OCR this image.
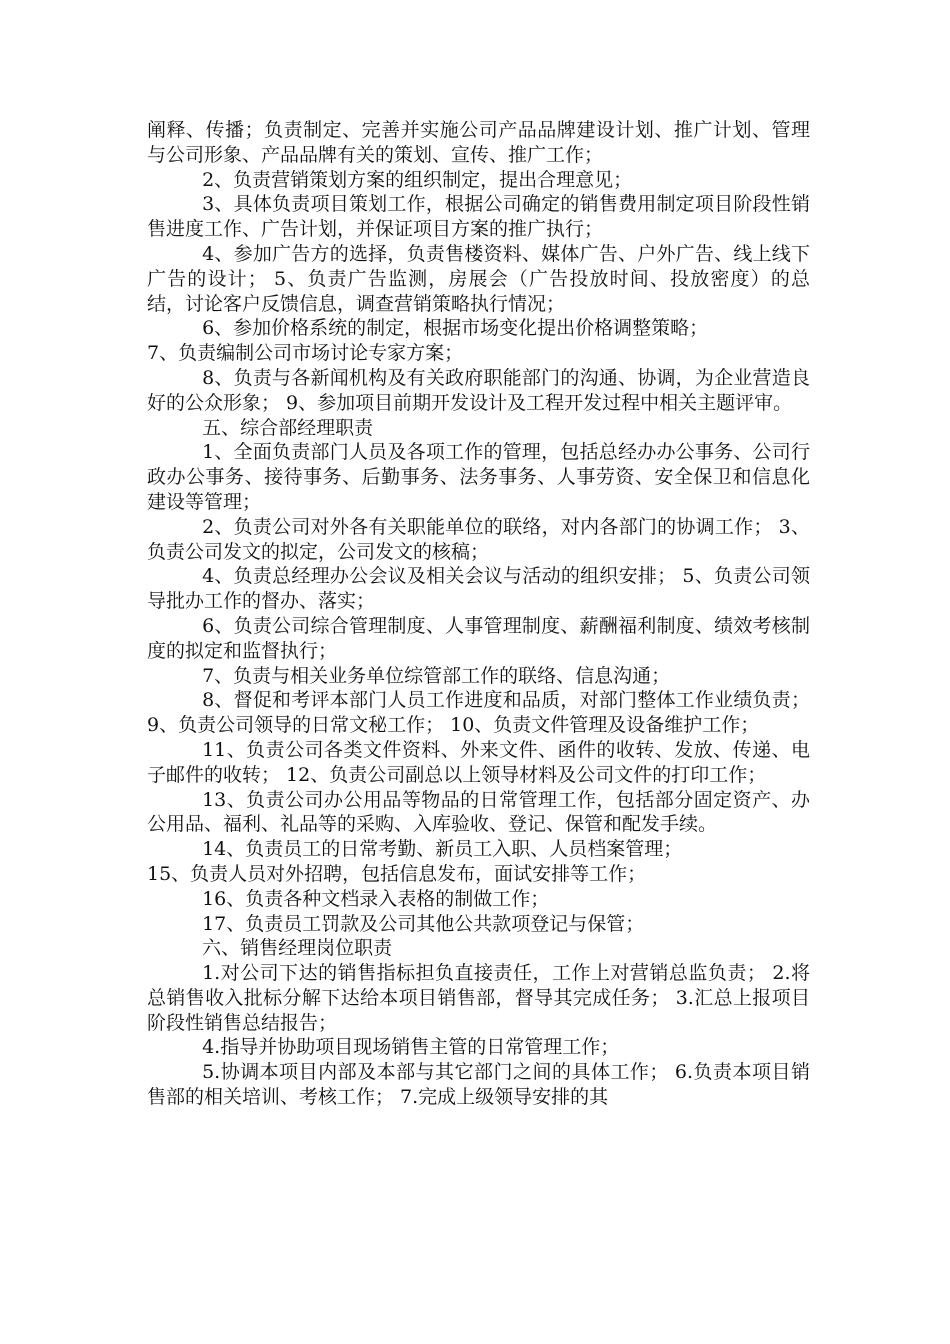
阐释、传播；负责制定、完善并实施公司产品品牌建设计划、推广计划、管理与公司形象、产品品牌有关的策划、宣传、推广工作；

2、负责营销策划方案的组织制定，提出合理意见；

3、具体负责项目策划工作，根据公司确定的销售费用制定项目阶段性销售进度工作、广告计划，并保证项目方案的推广执行；

4、参加广告方的选择，负责售楼资料、媒体广告、户外广告、线上线下广告的设计； 5、负责广告监测，房展会（广告投放时间、投放密度）的总结，讨论客户反馈信息，调查营销策略执行情况；

6、参加价格系统的制定，根据市场变化提出价格调整策略；

7、负责编制公司市场讨论专家方案；

8、负责与各新闻机构及有关政府职能部门的沟通、协调，为企业营造良好的公众形象； 9、参加项目前期开发设计及工程开发过程中相关主题评审。

五、综合部经理职责

1、全面负责部门人员及各项工作的管理，包括总经办办公事务、公司行政办公事务、接待事务、后勤事务、法务事务、人事劳资、安全保卫和信息化建设等管理；

2、负责公司对外各有关职能单位的联络，对内各部门的协调工作； 3、负责公司发文的拟定，公司发文的核稿；

4、负责总经理办公会议及相关会议与活动的组织安排； 5、负责公司领导批办工作的督办、落实；

6、负责公司综合管理制度、人事管理制度、薪酬福利制度、绩效考核制度的拟定和监督执行；

7、负责与相关业务单位综管部工作的联络、信息沟通；

8、督促和考评本部门人员工作进度和品质，对部门整体工作业绩负责； 9、负责公司领导的日常文秘工作； 10、负责文件管理及设备维护工作；

11、负责公司各类文件资料、外来文件、函件的收转、发放、传递、电子邮件的收转； 12、负责公司副总以上领导材料及公司文件的打印工作；

13、负责公司办公用品等物品的日常管理工作，包括部分固定资产、办公用品、福利、礼品等的采购、入库验收、登记、保管和配发手续。

14、负责员工的日常考勤、新员工入职、人员档案管理；

15、负责人员对外招聘，包括信息发布，面试安排等工作；

16、负责各种文档录入表格的制做工作；

17、负责员工罚款及公司其他公共款项登记与保管；

六、销售经理岗位职责

1.对公司下达的销售指标担负直接责任，工作上对营销总监负责； 2.将总销售收入批标分解下达给本项目销售部，督导其完成任务； 3.汇总上报项目阶段性销售总结报告；

4.指导并协助项目现场销售主管的日常管理工作；

5.协调本项目内部及本部与其它部门之间的具体工作； 6.负责本项目销售部的相关培训、考核工作； 7.完成上级领导安排的其
